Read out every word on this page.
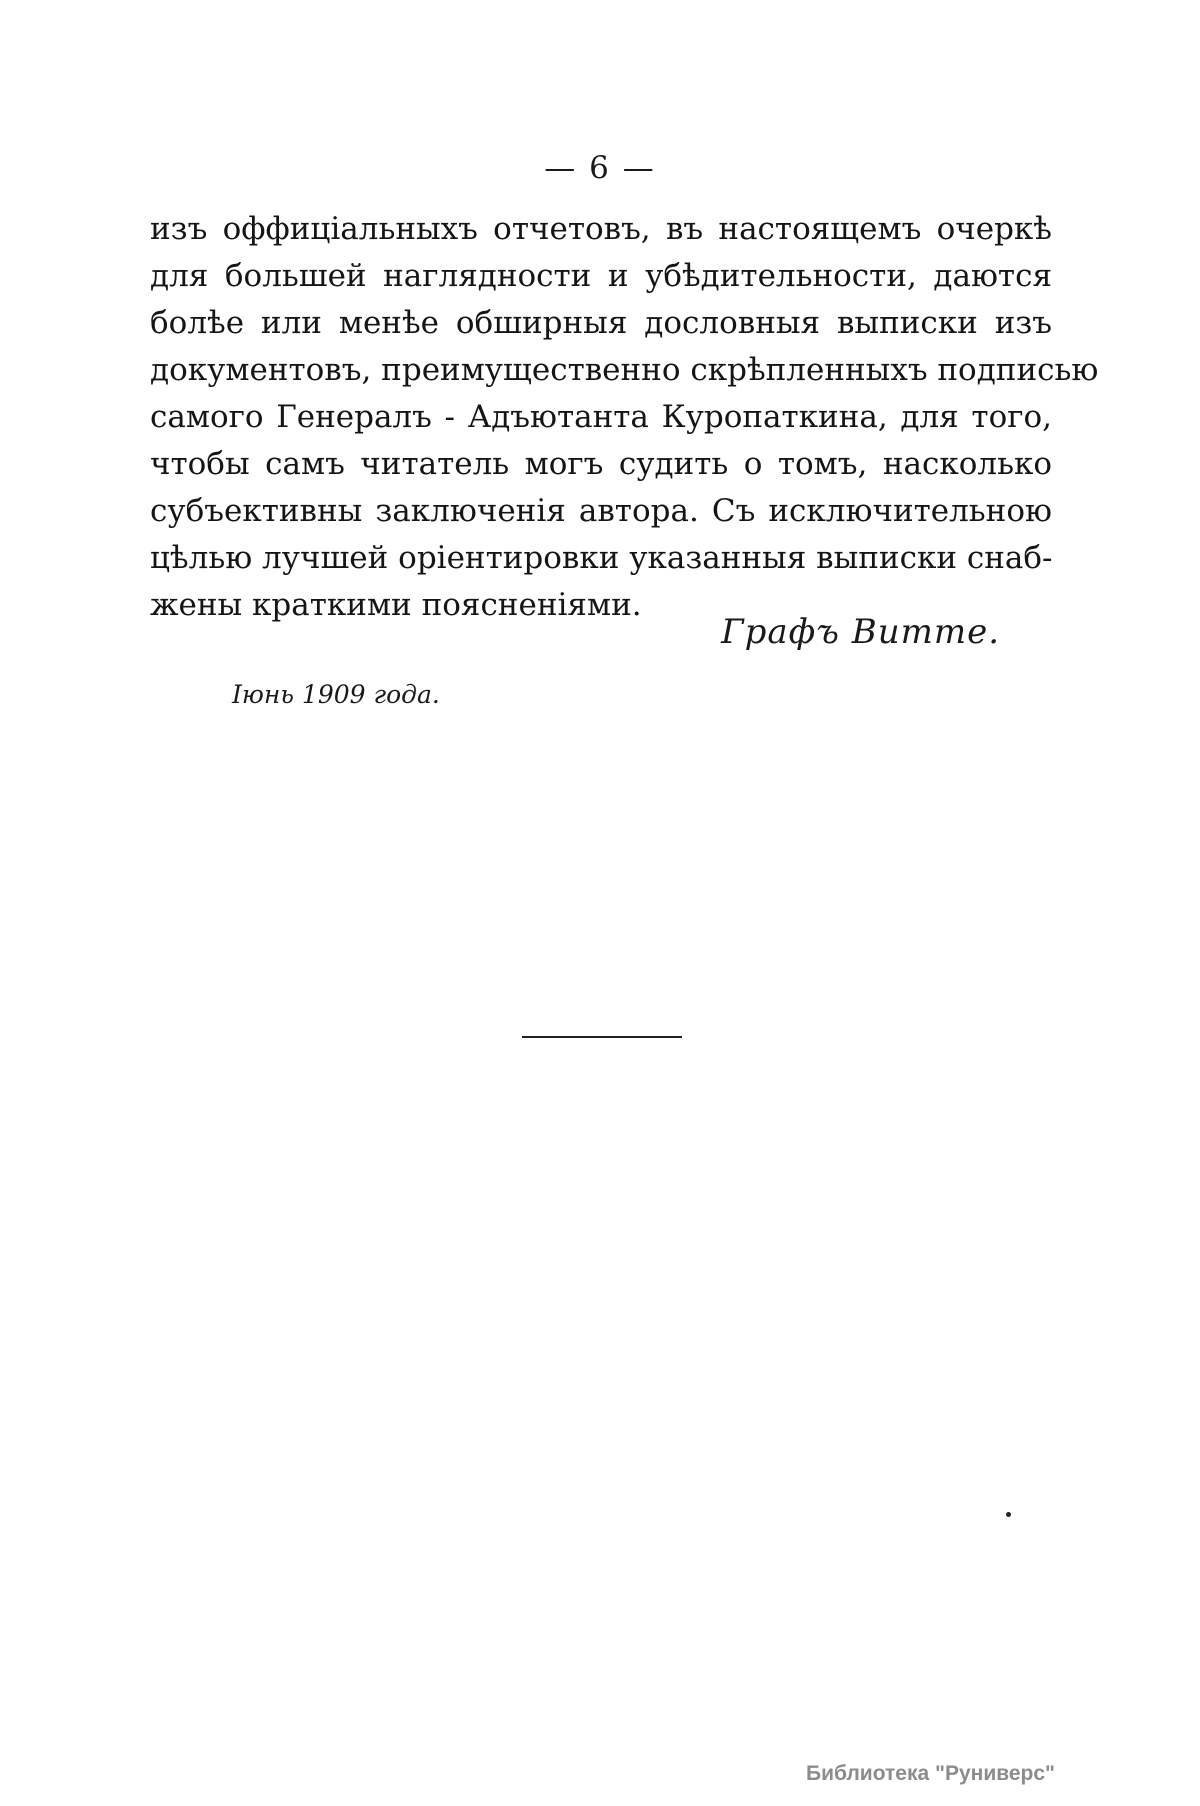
— 6 —
изъ оффиціальныхъ отчетовъ, въ настоящемъ очеркѣ
для большей наглядности и убѣдительности, даются
болѣе или менѣе обширныя дословныя выписки изъ
документовъ, преимущественно скрѣпленныхъ подписью
самого Генералъ - Адъютанта Куропаткина, для того,
чтобы самъ читатель могъ судить о томъ, насколько
субъективны заключенія автора. Съ исключительною
цѣлью лучшей оріентировки указанныя выписки снаб-
жены краткими поясненіями.
Графъ Витте.
Іюнь 1909 года.
Библиотека "Руниверс"
